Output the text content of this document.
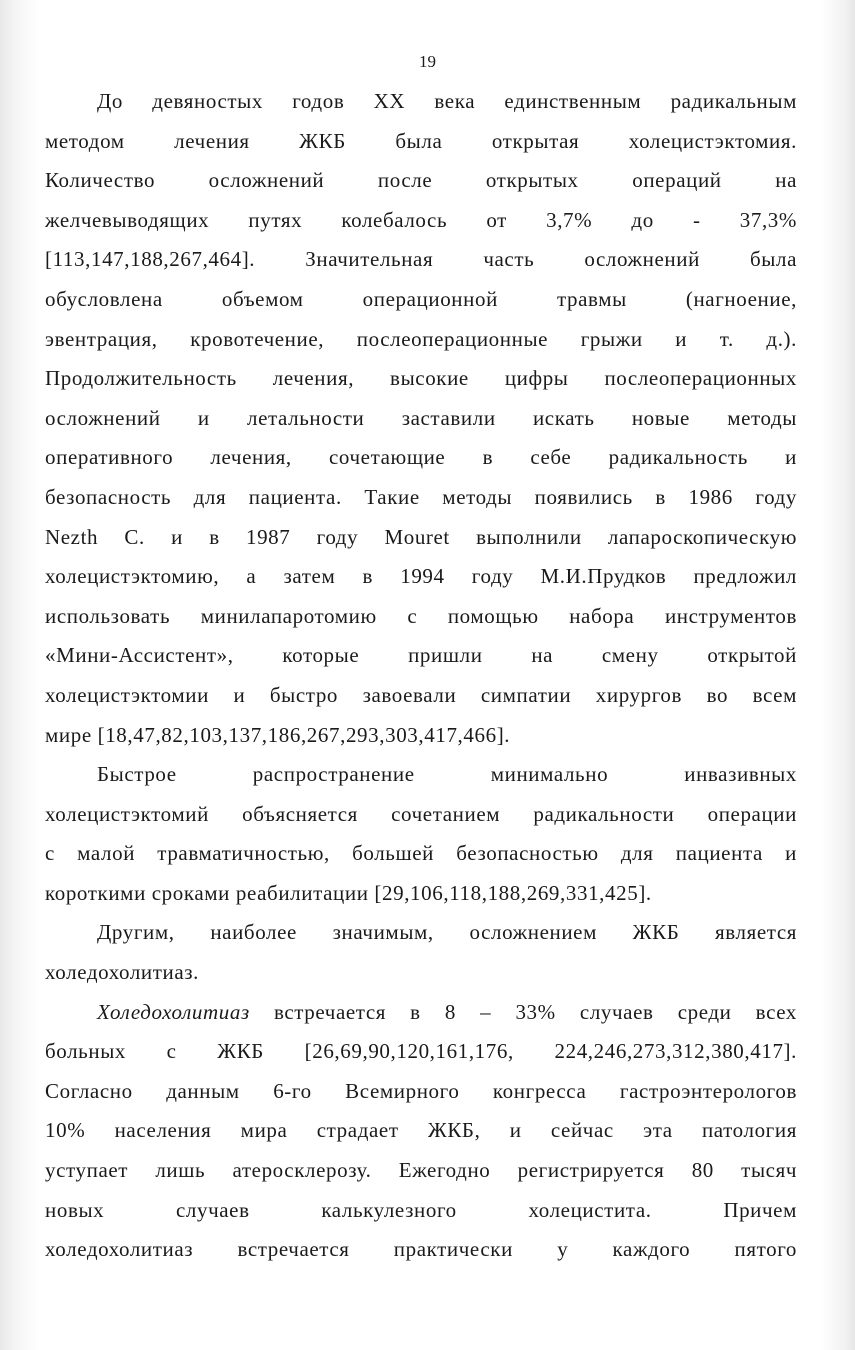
19
До девяностых годов XX века единственным радикальным
методом лечения ЖКБ была открытая холецистэктомия.
Количество осложнений после открытых операций на
желчевыводящих путях колебалось от 3,7% до - 37,3%
[113,147,188,267,464]. Значительная часть осложнений была
обусловлена объемом операционной травмы (нагноение,
эвентрация, кровотечение, послеоперационные грыжи и т. д.).
Продолжительность лечения, высокие цифры послеоперационных
осложнений и летальности заставили искать новые методы
оперативного лечения, сочетающие в себе радикальность и
безопасность для пациента. Такие методы появились в 1986 году
Nezth C. и в 1987 году Mouret выполнили лапароскопическую
холецистэктомию, а затем в 1994 году М.И.Прудков предложил
использовать минилапаротомию с помощью набора инструментов
«Мини-Ассистент», которые пришли на смену открытой
холецистэктомии и быстро завоевали симпатии хирургов во всем
мире [18,47,82,103,137,186,267,293,303,417,466].
Быстрое распространение минимально инвазивных
холецистэктомий объясняется сочетанием радикальности операции
с малой травматичностью, большей безопасностью для пациента и
короткими сроками реабилитации [29,106,118,188,269,331,425].
Другим, наиболее значимым, осложнением ЖКБ является
холедохолитиаз.
Холедохолитиаз встречается в 8 – 33% случаев среди всех
больных с ЖКБ [26,69,90,120,161,176, 224,246,273,312,380,417].
Согласно данным 6-го Всемирного конгресса гастроэнтерологов
10% населения мира страдает ЖКБ, и сейчас эта патология
уступает лишь атеросклерозу. Ежегодно регистрируется 80 тысяч
новых случаев калькулезного холецистита. Причем
холедохолитиаз встречается практически у каждого пятого
